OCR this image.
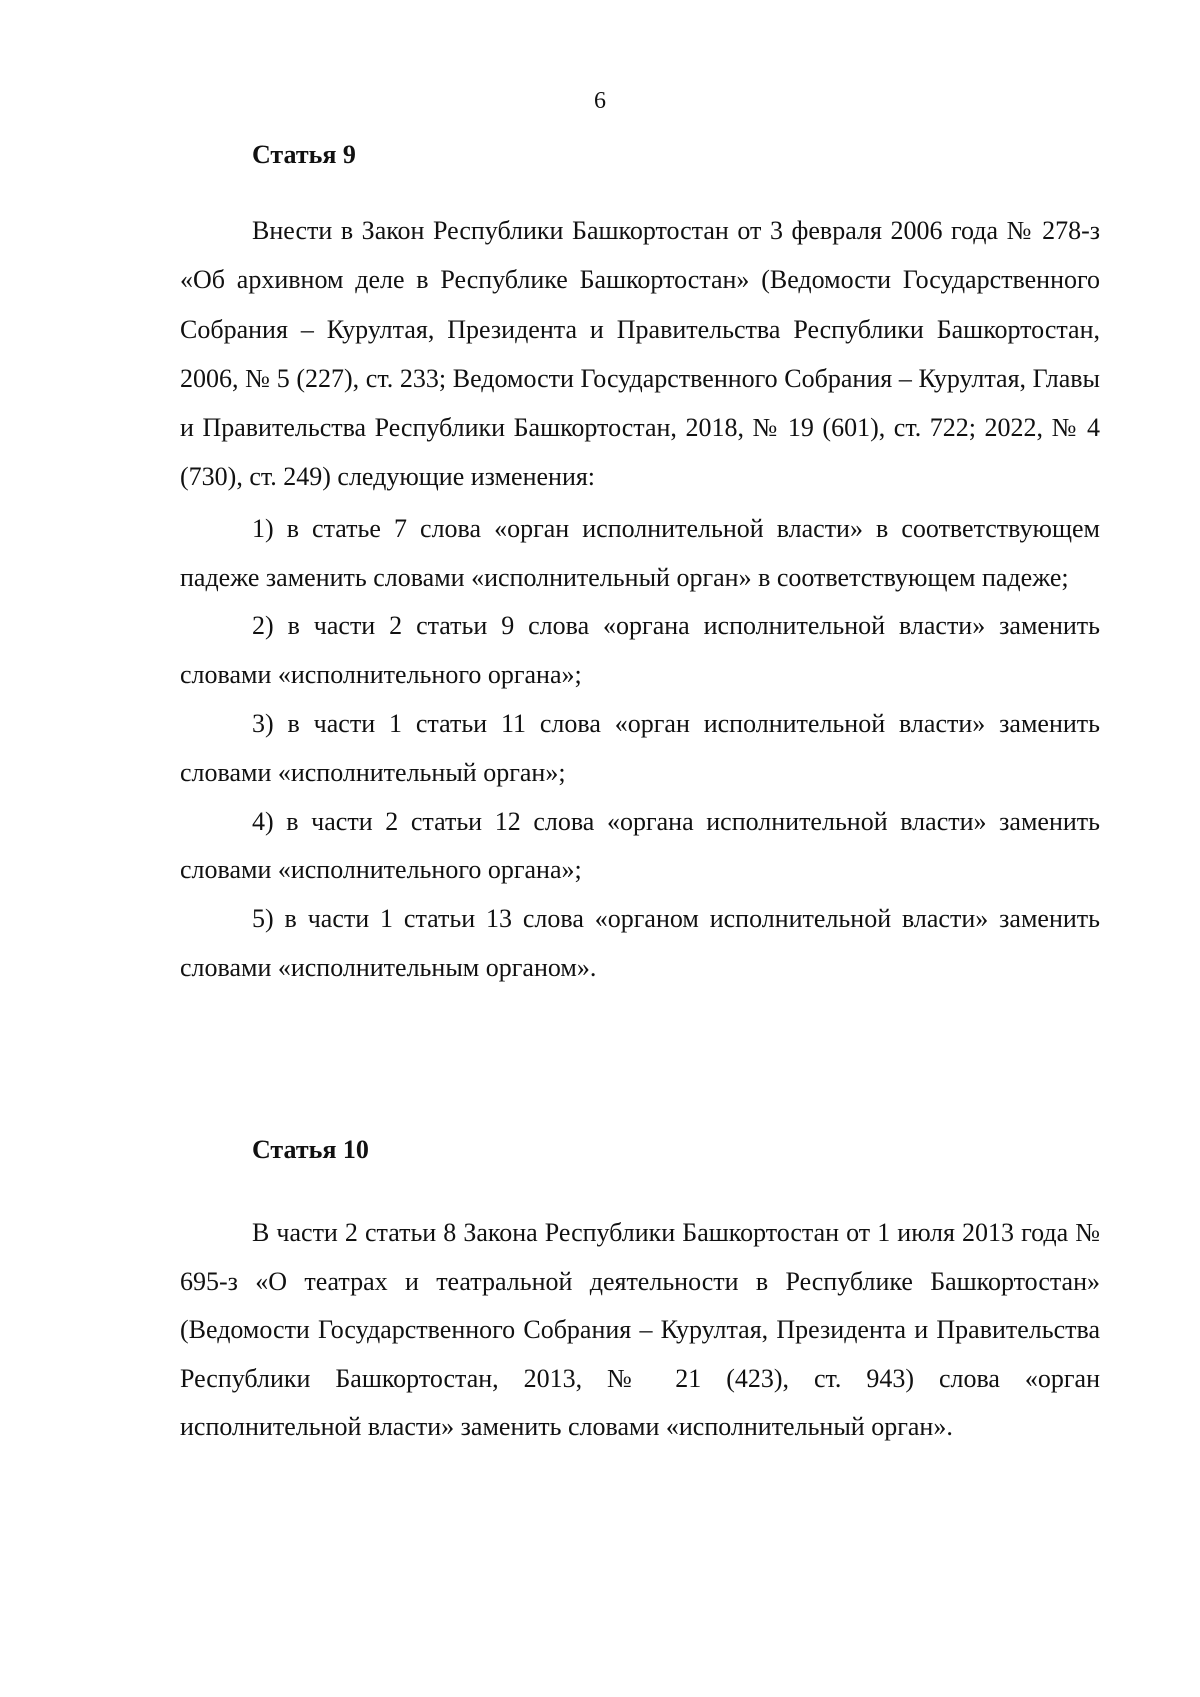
6
Статья 9

Внести в Закон Республики Башкортостан от 3 февраля 2006 года № 278-з «Об архивном деле в Республике Башкортостан» (Ведомости Государственного Собрания – Курултая, Президента и Правительства Республики Башкортостан, 2006, № 5 (227), ст. 233; Ведомости Государственного Собрания – Курултая, Главы и Правительства Республики Башкортостан, 2018, № 19 (601), ст. 722; 2022, № 4 (730), ст. 249) следующие изменения:

1) в статье 7 слова «орган исполнительной власти» в соответствующем падеже заменить словами «исполнительный орган» в соответствующем падеже;

2) в части 2 статьи 9 слова «органа исполнительной власти» заменить словами «исполнительного органа»;

3) в части 1 статьи 11 слова «орган исполнительной власти» заменить словами «исполнительный орган»;

4) в части 2 статьи 12 слова «органа исполнительной власти» заменить словами «исполнительного органа»;

5) в части 1 статьи 13 слова «органом исполнительной власти» заменить словами «исполнительным органом».

Статья 10

В части 2 статьи 8 Закона Республики Башкортостан от 1 июля 2013 года № 695-з «О театрах и театральной деятельности в Республике Башкортостан» (Ведомости Государственного Собрания – Курултая, Президента и Правительства Республики Башкортостан, 2013, № 21 (423), ст. 943) слова «орган исполнительной власти» заменить словами «исполнительный орган».
